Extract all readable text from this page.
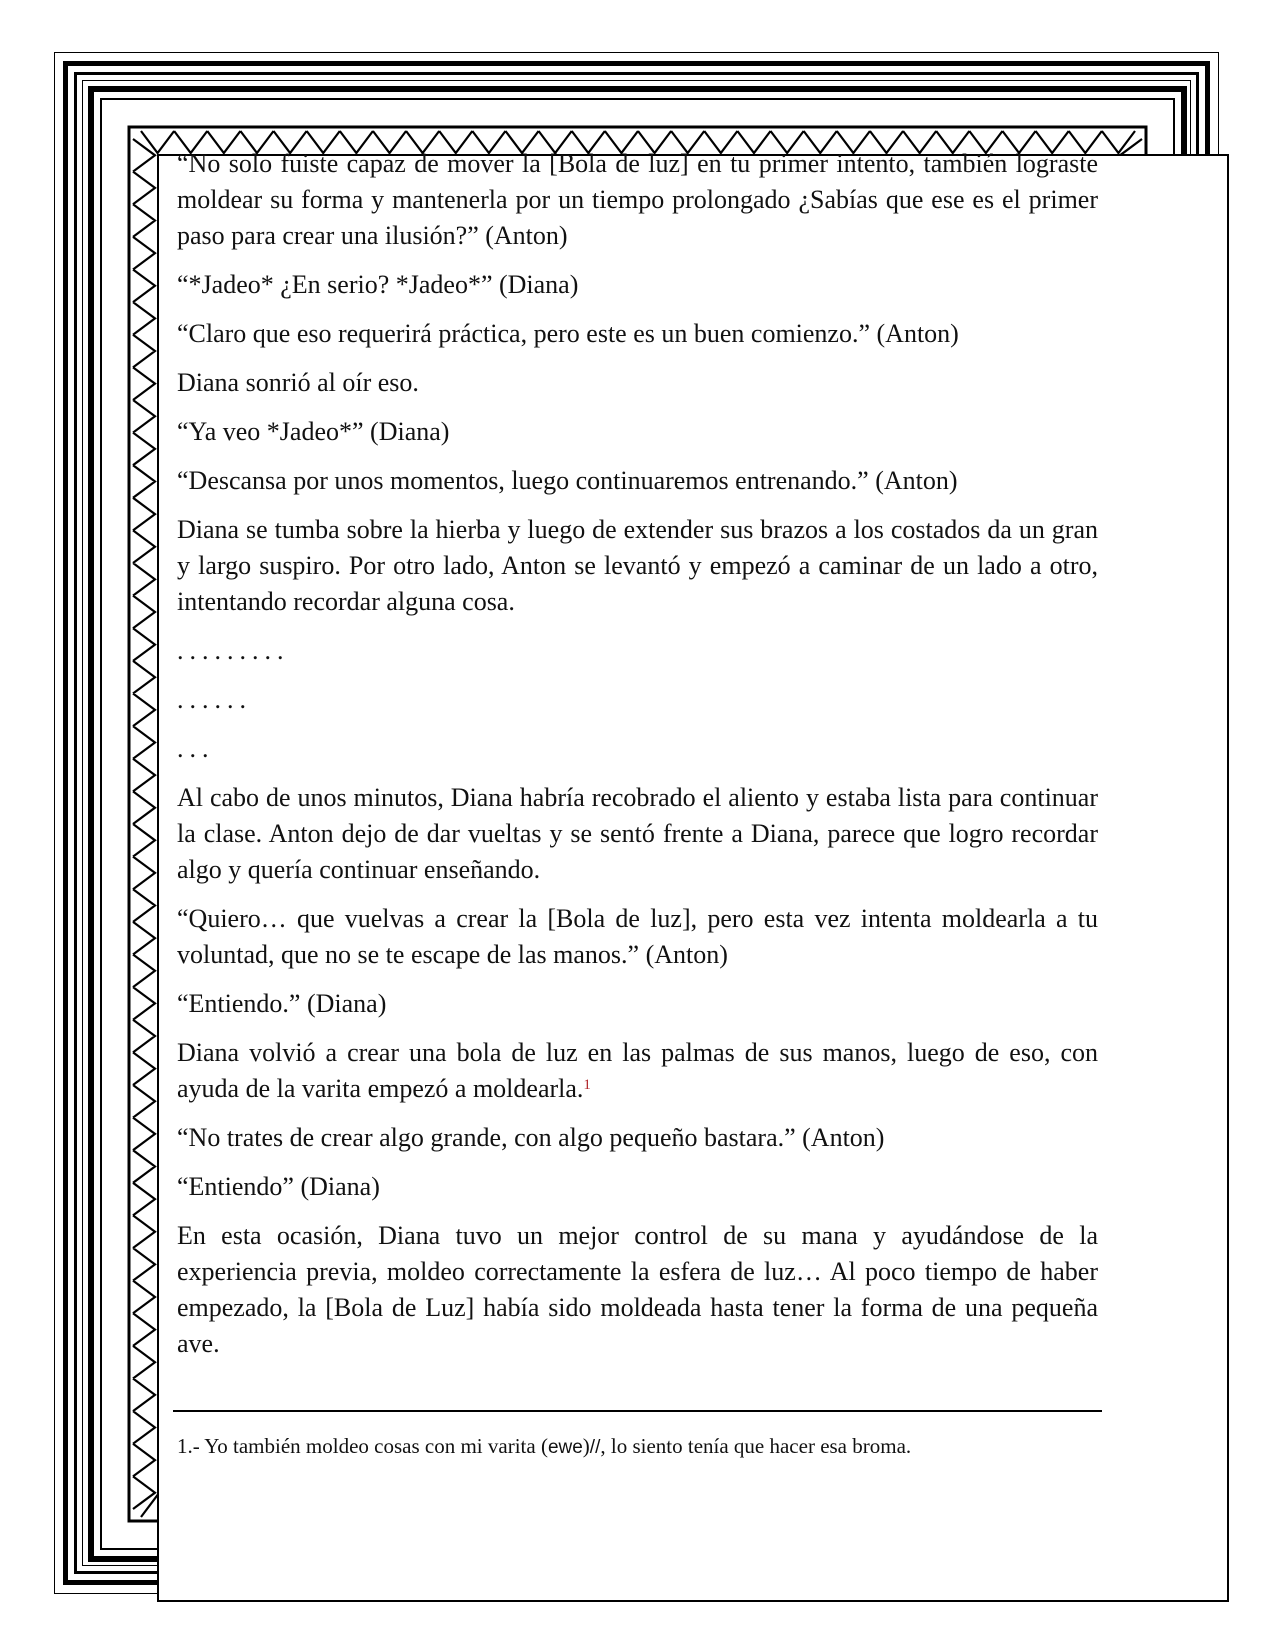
“No solo fuiste capaz de mover la [Bola de luz] en tu primer intento, también lograste moldear su forma y mantenerla por un tiempo prolongado ¿Sabías que ese es el primer paso para crear una ilusión?” (Anton)

“*Jadeo* ¿En serio? *Jadeo*” (Diana)

“Claro que eso requerirá práctica, pero este es un buen comienzo.” (Anton)

Diana sonrió al oír eso.

“Ya veo *Jadeo*” (Diana)

“Descansa por unos momentos, luego continuaremos entrenando.” (Anton)

Diana se tumba sobre la hierba y luego de extender sus brazos a los costados da un gran y largo suspiro. Por otro lado, Anton se levantó y empezó a caminar de un lado a otro, intentando recordar alguna cosa.

.........

......

...

Al cabo de unos minutos, Diana habría recobrado el aliento y estaba lista para continuar la clase. Anton dejo de dar vueltas y se sentó frente a Diana, parece que logro recordar algo y quería continuar enseñando.

“Quiero… que vuelvas a crear la [Bola de luz], pero esta vez intenta moldearla a tu voluntad, que no se te escape de las manos.” (Anton)

“Entiendo.” (Diana)

Diana volvió a crear una bola de luz en las palmas de sus manos, luego de eso, con ayuda de la varita empezó a moldearla.$^1$

“No trates de crear algo grande, con algo pequeño bastara.” (Anton)

“Entiendo” (Diana)

En esta ocasión, Diana tuvo un mejor control de su mana y ayudándose de la experiencia previa, moldeo correctamente la esfera de luz… Al poco tiempo de haber empezado, la [Bola de Luz] había sido moldeada hasta tener la forma de una pequeña ave.

1.- Yo también moldeo cosas con mi varita (ewe)//, lo siento tenía que hacer esa broma.
